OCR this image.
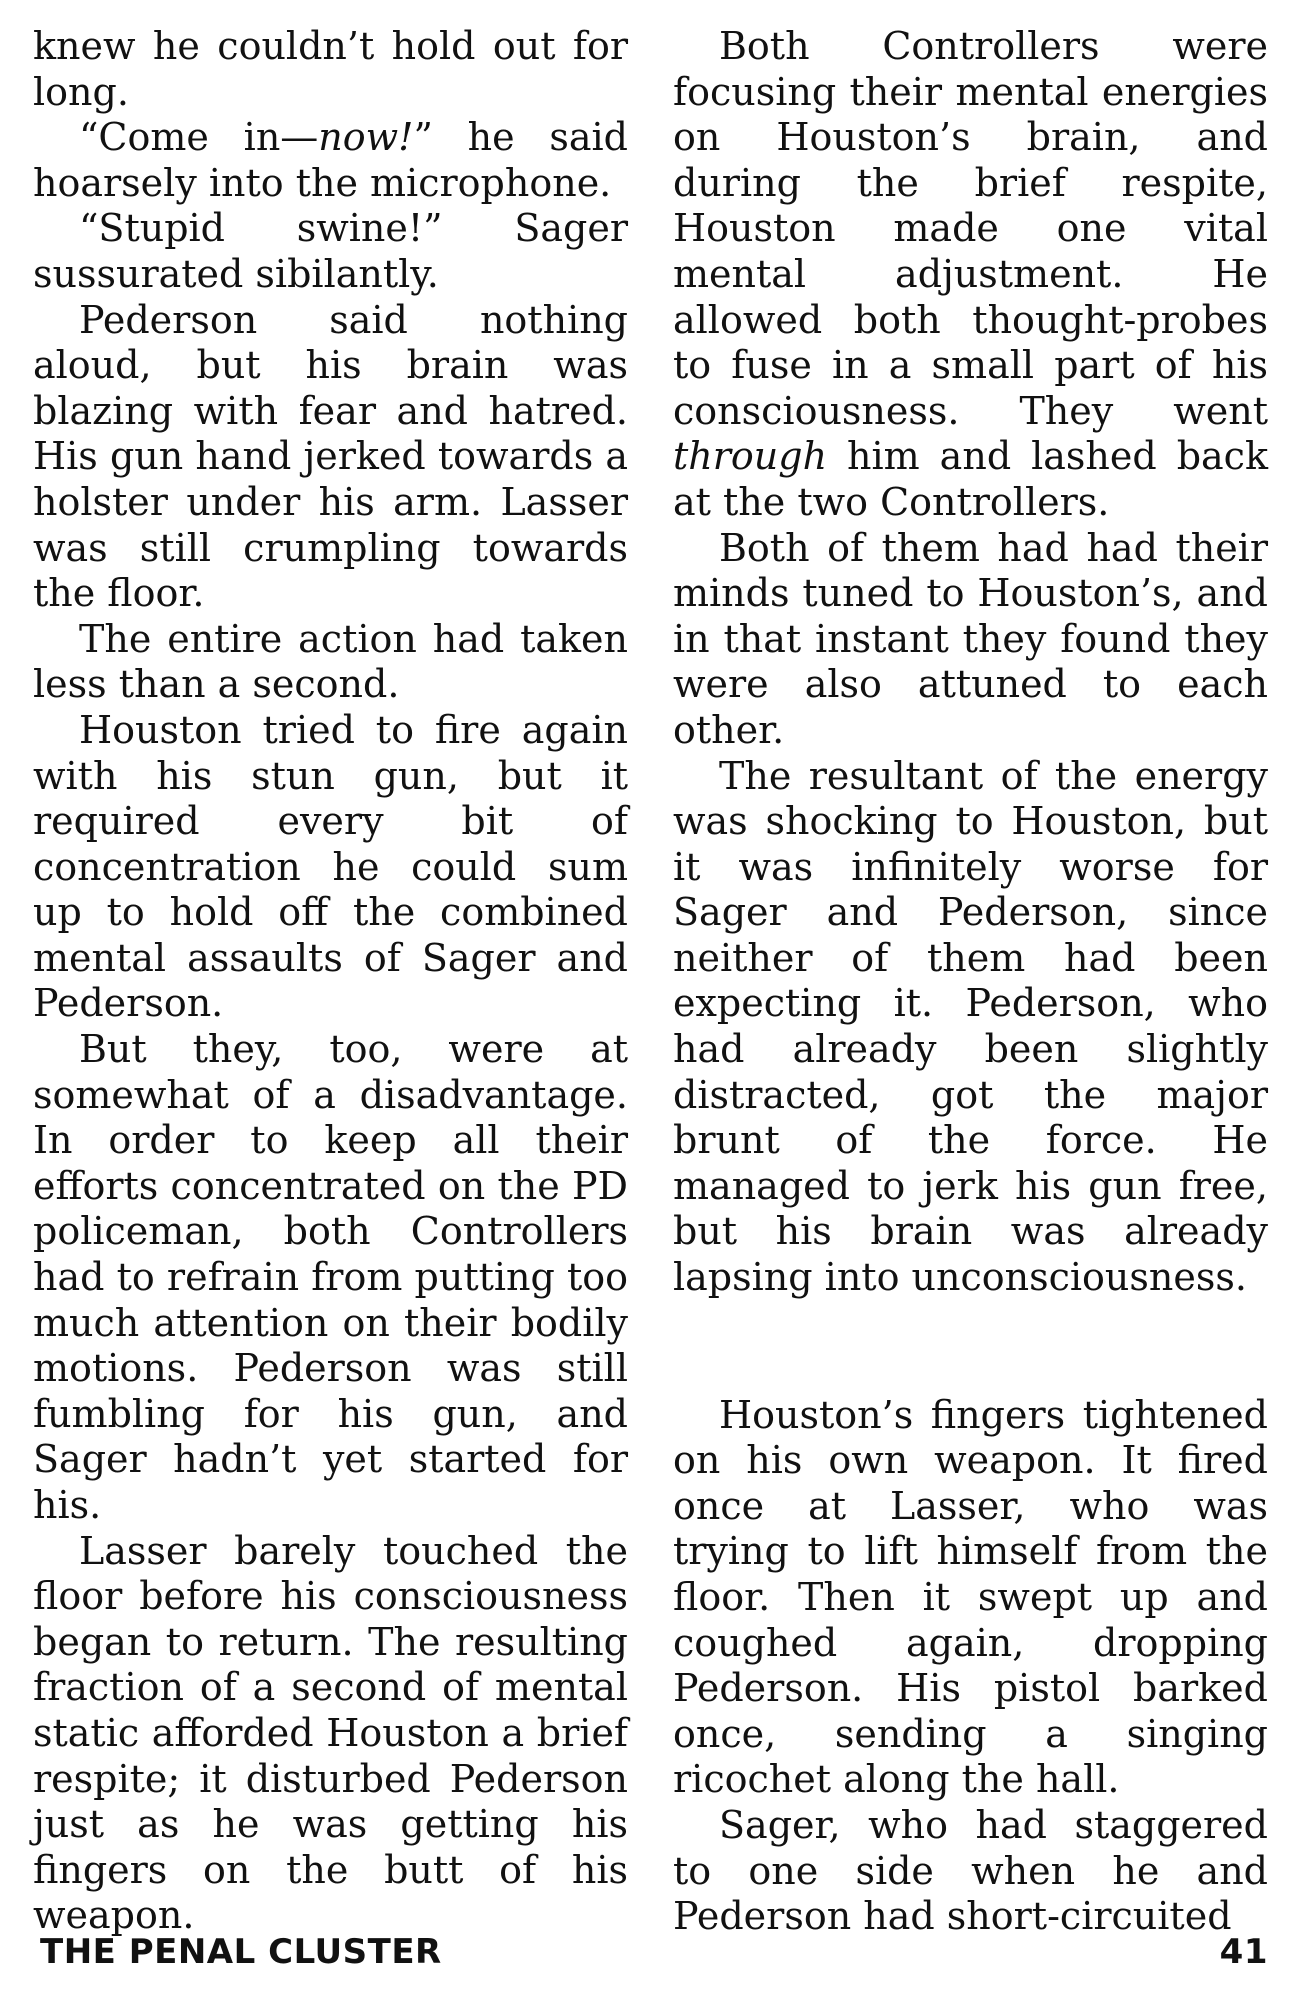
knew he couldn’t hold out for long.

“Come in—now!” he said hoarsely into the microphone.

“Stupid swine!” Sager sussurated sibilantly.

Pederson said nothing aloud, but his brain was blazing with fear and hatred. His gun hand jerked towards a holster under his arm. Lasser was still crumpling towards the floor.

The entire action had taken less than a second.

Houston tried to fire again with his stun gun, but it required every bit of concentration he could sum up to hold off the combined mental assaults of Sager and Pederson.

But they, too, were at somewhat of a disadvantage. In order to keep all their efforts concentrated on the PD policeman, both Controllers had to refrain from putting too much attention on their bodily motions. Pederson was still fumbling for his gun, and Sager hadn’t yet started for his.

Lasser barely touched the floor before his consciousness began to return. The resulting fraction of a second of mental static afforded Houston a brief respite; it disturbed Pederson just as he was getting his fingers on the butt of his weapon.

Both Controllers were focusing their mental energies on Houston’s brain, and during the brief respite, Houston made one vital mental adjustment. He allowed both thought-probes to fuse in a small part of his consciousness. They went through him and lashed back at the two Controllers.

Both of them had had their minds tuned to Houston’s, and in that instant they found they were also attuned to each other.

The resultant of the energy was shocking to Houston, but it was infinitely worse for Sager and Pederson, since neither of them had been expecting it. Pederson, who had already been slightly distracted, got the major brunt of the force. He managed to jerk his gun free, but his brain was already lapsing into unconsciousness.

Houston’s fingers tightened on his own weapon. It fired once at Lasser, who was trying to lift himself from the floor. Then it swept up and coughed again, dropping Pederson. His pistol barked once, sending a singing ricochet along the hall.

Sager, who had staggered to one side when he and Pederson had short-circuited

THE PENAL CLUSTER	41
